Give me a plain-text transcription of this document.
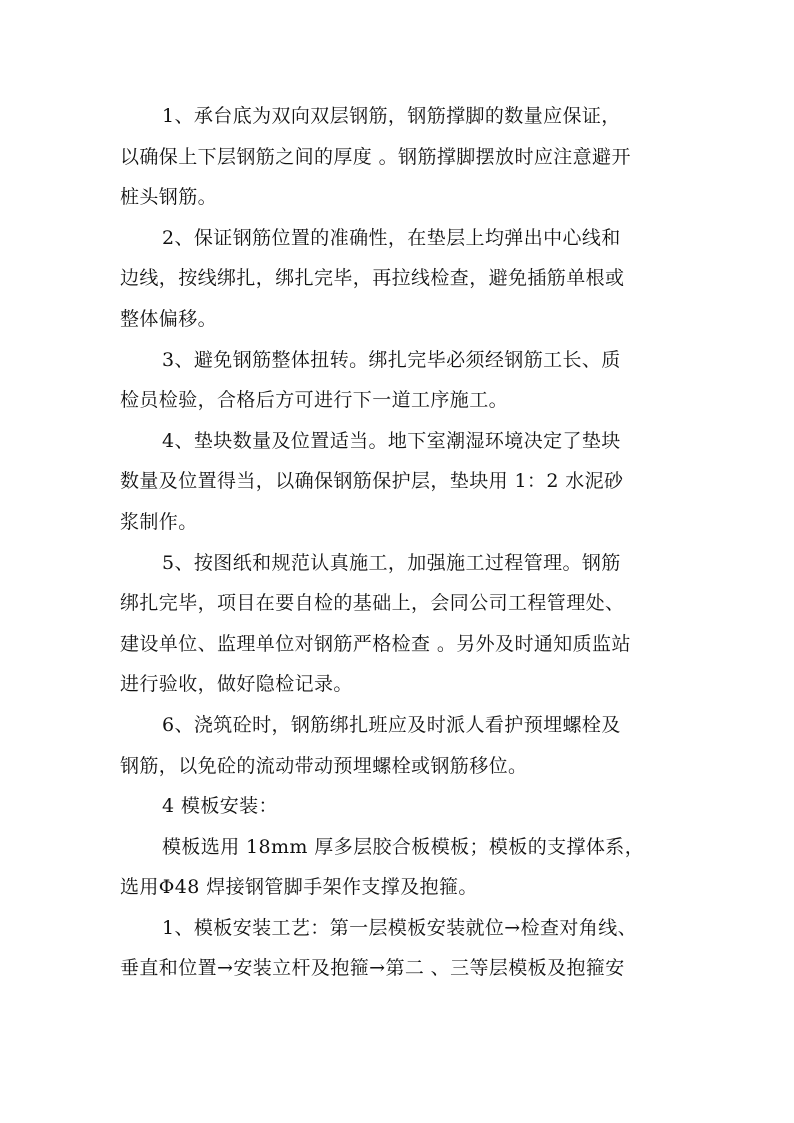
1、承台底为双向双层钢筋，钢筋撑脚的数量应保证，
以确保上下层钢筋之间的厚度 。钢筋撑脚摆放时应注意避开
桩头钢筋。
2、保证钢筋位置的准确性，在垫层上均弹出中心线和
边线，按线绑扎，绑扎完毕，再拉线检查，避免插筋单根或
整体偏移。
3、避免钢筋整体扭转。绑扎完毕必须经钢筋工长、质
检员检验，合格后方可进行下一道工序施工。
4、垫块数量及位置适当。地下室潮湿环境决定了垫块
数量及位置得当，以确保钢筋保护层，垫块用 1：2 水泥砂
浆制作。
5、按图纸和规范认真施工，加强施工过程管理。钢筋
绑扎完毕，项目在要自检的基础上，会同公司工程管理处、
建设单位、监理单位对钢筋严格检查 。另外及时通知质监站
进行验收，做好隐检记录。
6、浇筑砼时，钢筋绑扎班应及时派人看护预埋螺栓及
钢筋，以免砼的流动带动预埋螺栓或钢筋移位。
4 模板安装：
模板选用 18mm 厚多层胶合板模板；模板的支撑体系，
选用Φ48 焊接钢管脚手架作支撑及抱箍。
1、模板安装工艺：第一层模板安装就位→检查对角线、
垂直和位置→安装立杆及抱箍→第二 、三等层模板及抱箍安
